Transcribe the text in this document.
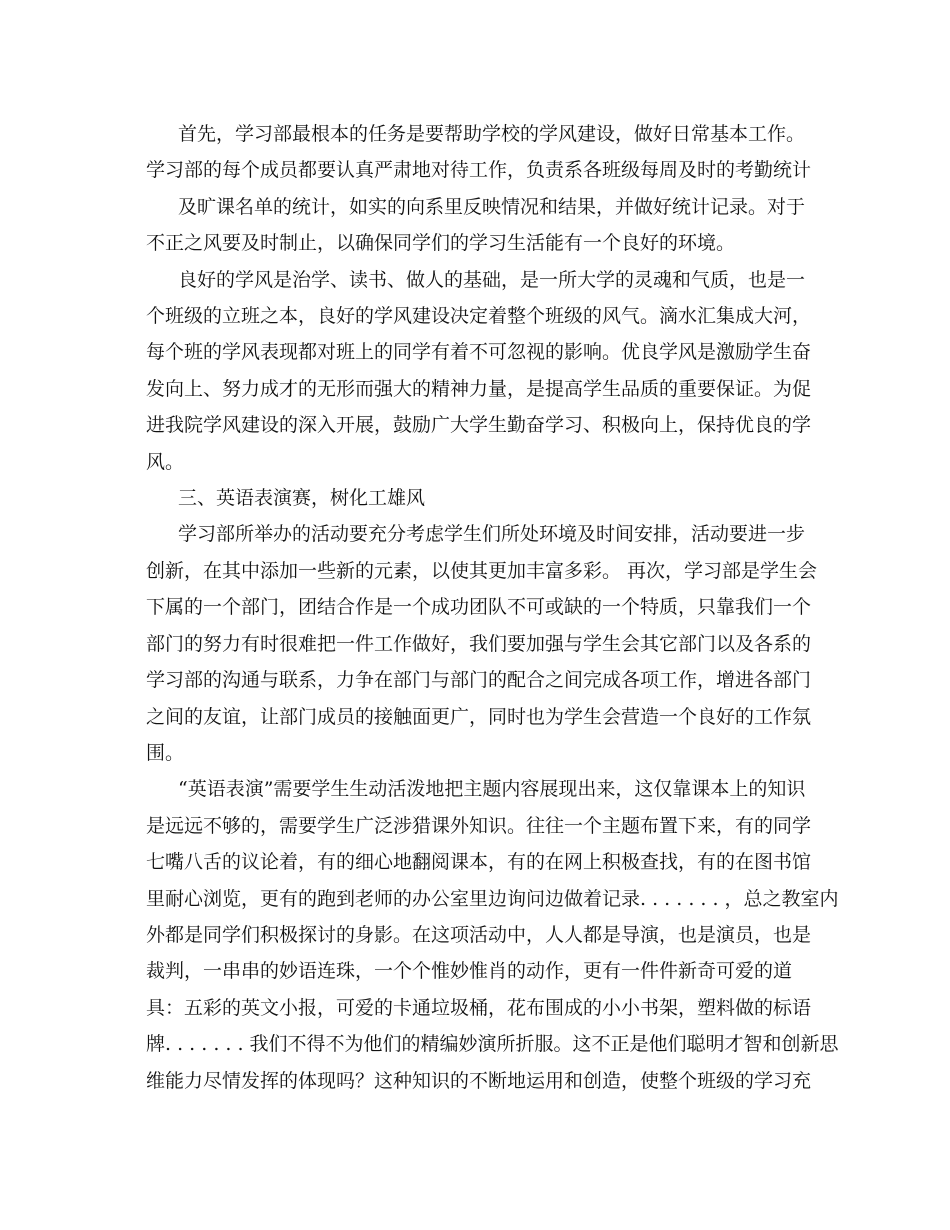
首先，学习部最根本的任务是要帮助学校的学风建设，做好日常基本工作。
学习部的每个成员都要认真严肃地对待工作，负责系各班级每周及时的考勤统计

及旷课名单的统计，如实的向系里反映情况和结果，并做好统计记录。对于
不正之风要及时制止，以确保同学们的学习生活能有一个良好的环境。

良好的学风是治学、读书、做人的基础，是一所大学的灵魂和气质，也是一
个班级的立班之本，良好的学风建设决定着整个班级的风气。滴水汇集成大河，
每个班的学风表现都对班上的同学有着不可忽视的影响。优良学风是激励学生奋
发向上、努力成才的无形而强大的精神力量，是提高学生品质的重要保证。为促
进我院学风建设的深入开展，鼓励广大学生勤奋学习、积极向上，保持优良的学
风。

三、英语表演赛，树化工雄风

学习部所举办的活动要充分考虑学生们所处环境及时间安排，活动要进一步
创新，在其中添加一些新的元素，以使其更加丰富多彩。 再次，学习部是学生会
下属的一个部门，团结合作是一个成功团队不可或缺的一个特质，只靠我们一个
部门的努力有时很难把一件工作做好，我们要加强与学生会其它部门以及各系的
学习部的沟通与联系，力争在部门与部门的配合之间完成各项工作，增进各部门
之间的友谊，让部门成员的接触面更广，同时也为学生会营造一个良好的工作氛
围。

“英语表演”需要学生生动活泼地把主题内容展现出来，这仅靠课本上的知识
是远远不够的，需要学生广泛涉猎课外知识。往往一个主题布置下来，有的同学
七嘴八舌的议论着，有的细心地翻阅课本，有的在网上积极查找，有的在图书馆
里耐心浏览，更有的跑到老师的办公室里边询问边做着记录. . . . . . . ，总之教室内
外都是同学们积极探讨的身影。在这项活动中，人人都是导演，也是演员，也是
裁判，一串串的妙语连珠，一个个惟妙惟肖的动作，更有一件件新奇可爱的道
具：五彩的英文小报，可爱的卡通垃圾桶，花布围成的小小书架，塑料做的标语
牌. . . . . . . 我们不得不为他们的精编妙演所折服。这不正是他们聪明才智和创新思
维能力尽情发挥的体现吗？这种知识的不断地运用和创造，使整个班级的学习充
